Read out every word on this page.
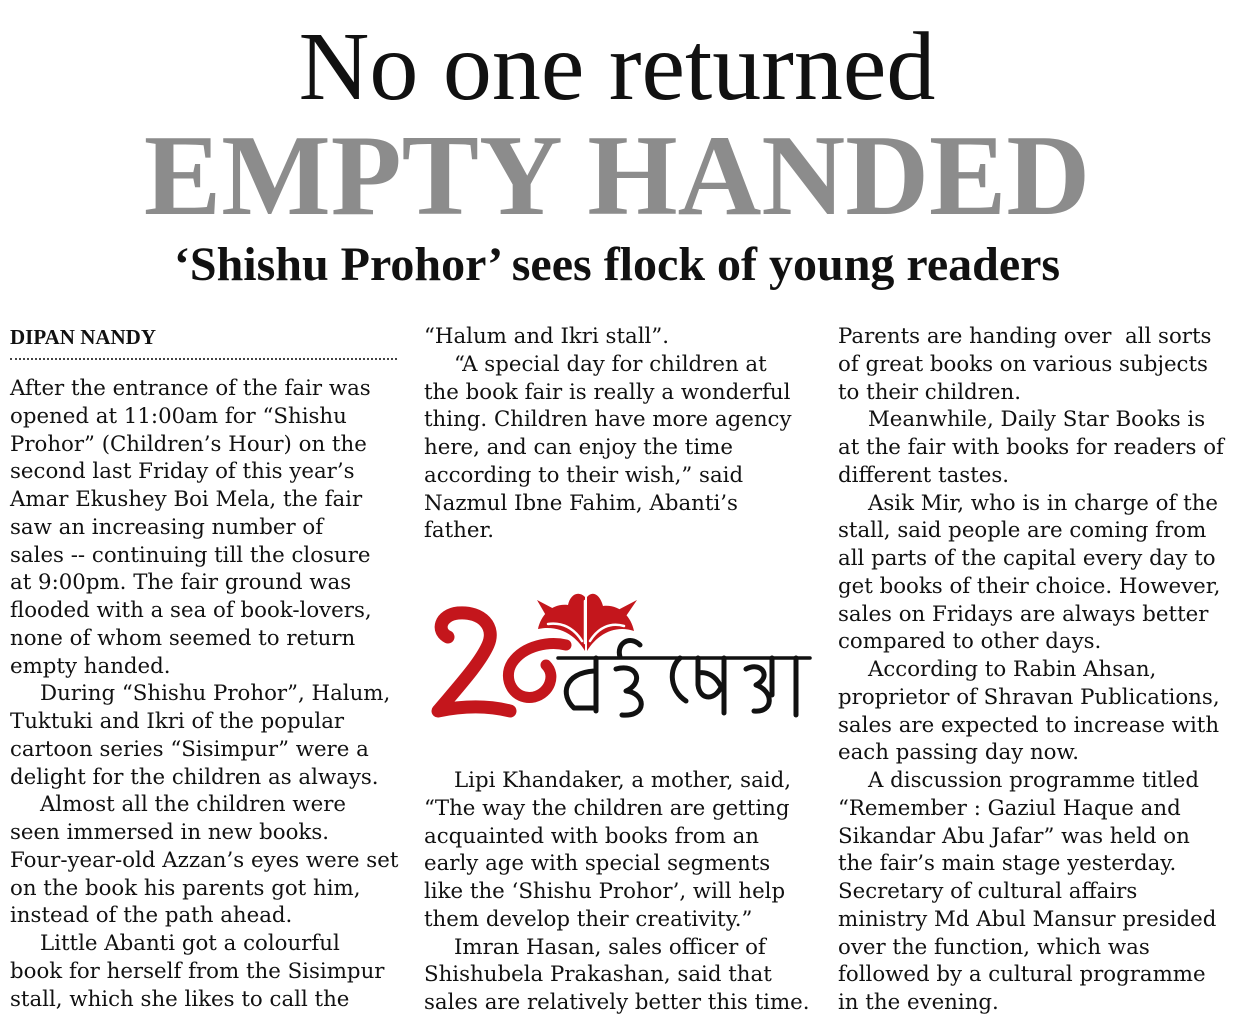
No one returned
EMPTY HANDED
‘Shishu Prohor’ sees flock of young readers
DIPAN NANDY

After the entrance of the fair was
opened at 11:00am for “Shishu
Prohor” (Children’s Hour) on the
second last Friday of this year’s
Amar Ekushey Boi Mela, the fair
saw an increasing number of
sales -- continuing till the closure
at 9:00pm. The fair ground was
flooded with a sea of book-lovers,
none of whom seemed to return
empty handed.

During “Shishu Prohor”, Halum,
Tuktuki and Ikri of the popular
cartoon series “Sisimpur” were a
delight for the children as always.

Almost all the children were
seen immersed in new books.
Four-year-old Azzan’s eyes were set
on the book his parents got him,
instead of the path ahead.

Little Abanti got a colourful
book for herself from the Sisimpur
stall, which she likes to call the

“Halum and Ikri stall”.

“A special day for children at
the book fair is really a wonderful
thing. Children have more agency
here, and can enjoy the time
according to their wish,” said
Nazmul Ibne Fahim, Abanti’s
father.

Lipi Khandaker, a mother, said,
“The way the children are getting
acquainted with books from an
early age with special segments
like the ‘Shishu Prohor’, will help
them develop their creativity.”

Imran Hasan, sales officer of
Shishubela Prakashan, said that
sales are relatively better this time.

Parents are handing over  all sorts
of great books on various subjects
to their children.

Meanwhile, Daily Star Books is
at the fair with books for readers of
different tastes.

Asik Mir, who is in charge of the
stall, said people are coming from
all parts of the capital every day to
get books of their choice. However,
sales on Fridays are always better
compared to other days.

According to Rabin Ahsan,
proprietor of Shravan Publications,
sales are expected to increase with
each passing day now.

A discussion programme titled
“Remember : Gaziul Haque and
Sikandar Abu Jafar” was held on
the fair’s main stage yesterday.
Secretary of cultural affairs
ministry Md Abul Mansur presided
over the function, which was
followed by a cultural programme
in the evening.
